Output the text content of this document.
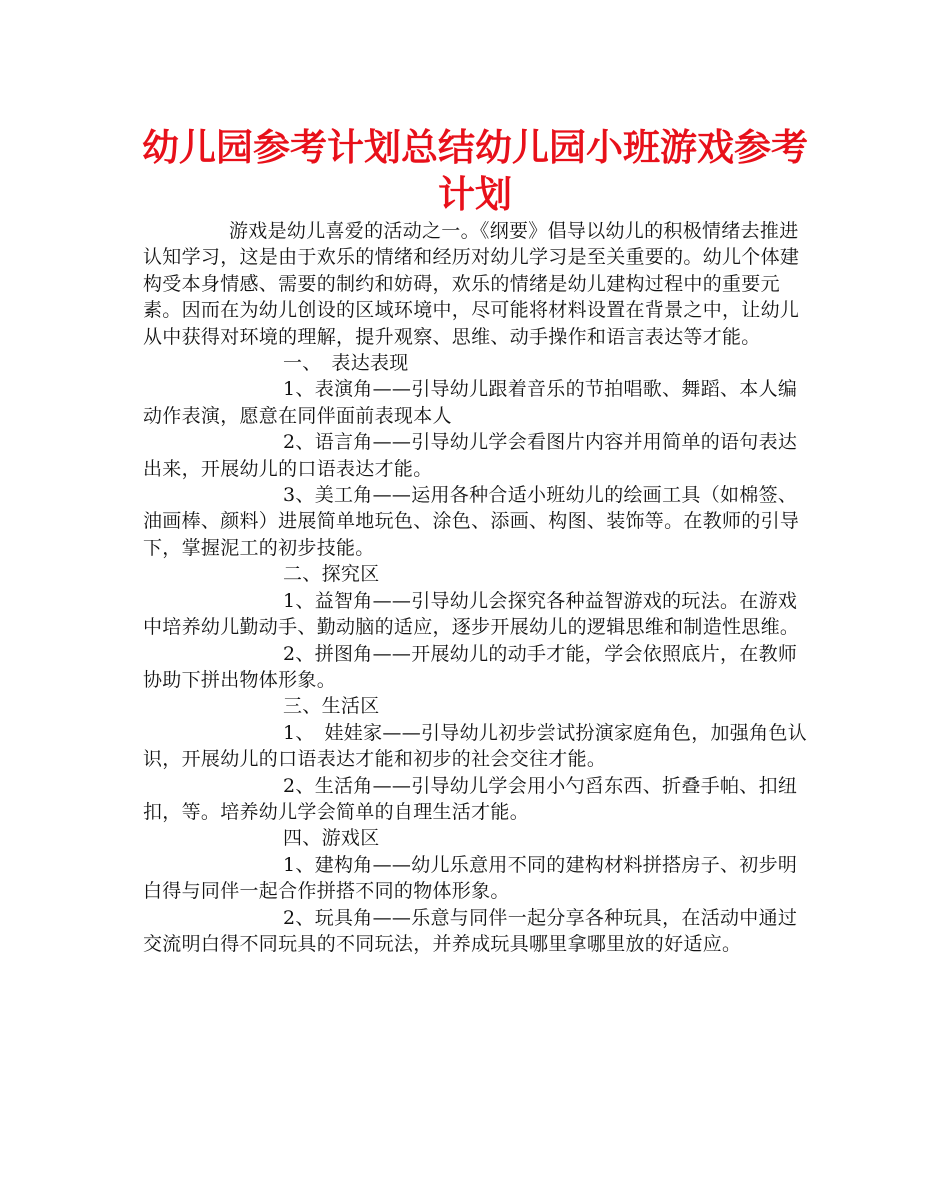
幼儿园参考计划总结幼儿园小班游戏参考计划

游戏是幼儿喜爱的活动之一。《纲要》倡导以幼儿的积极情绪去推进认知学习，这是由于欢乐的情绪和经历对幼儿学习是至关重要的。幼儿个体建构受本身情感、需要的制约和妨碍，欢乐的情绪是幼儿建构过程中的重要元素。因而在为幼儿创设的区域环境中，尽可能将材料设置在背景之中，让幼儿从中获得对环境的理解，提升观察、思维、动手操作和语言表达等才能。

一、　表达表现

1、表演角——引导幼儿跟着音乐的节拍唱歌、舞蹈、本人编动作表演，愿意在同伴面前表现本人

2、语言角——引导幼儿学会看图片内容并用简单的语句表达出来，开展幼儿的口语表达才能。

3、美工角——运用各种合适小班幼儿的绘画工具（如棉签、油画棒、颜料）进展简单地玩色、涂色、添画、构图、装饰等。在教师的引导下，掌握泥工的初步技能。

二、探究区

1、益智角——引导幼儿会探究各种益智游戏的玩法。在游戏中培养幼儿勤动手、勤动脑的适应，逐步开展幼儿的逻辑思维和制造性思维。

2、拼图角——开展幼儿的动手才能，学会依照底片，在教师协助下拼出物体形象。

三、生活区

1、　娃娃家——引导幼儿初步尝试扮演家庭角色，加强角色认识，开展幼儿的口语表达才能和初步的社会交往才能。

2、生活角——引导幼儿学会用小勺舀东西、折叠手帕、扣纽扣，等。培养幼儿学会简单的自理生活才能。

四、游戏区

1、建构角——幼儿乐意用不同的建构材料拼搭房子、初步明白得与同伴一起合作拼搭不同的物体形象。

2、玩具角——乐意与同伴一起分享各种玩具，在活动中通过交流明白得不同玩具的不同玩法，并养成玩具哪里拿哪里放的好适应。
